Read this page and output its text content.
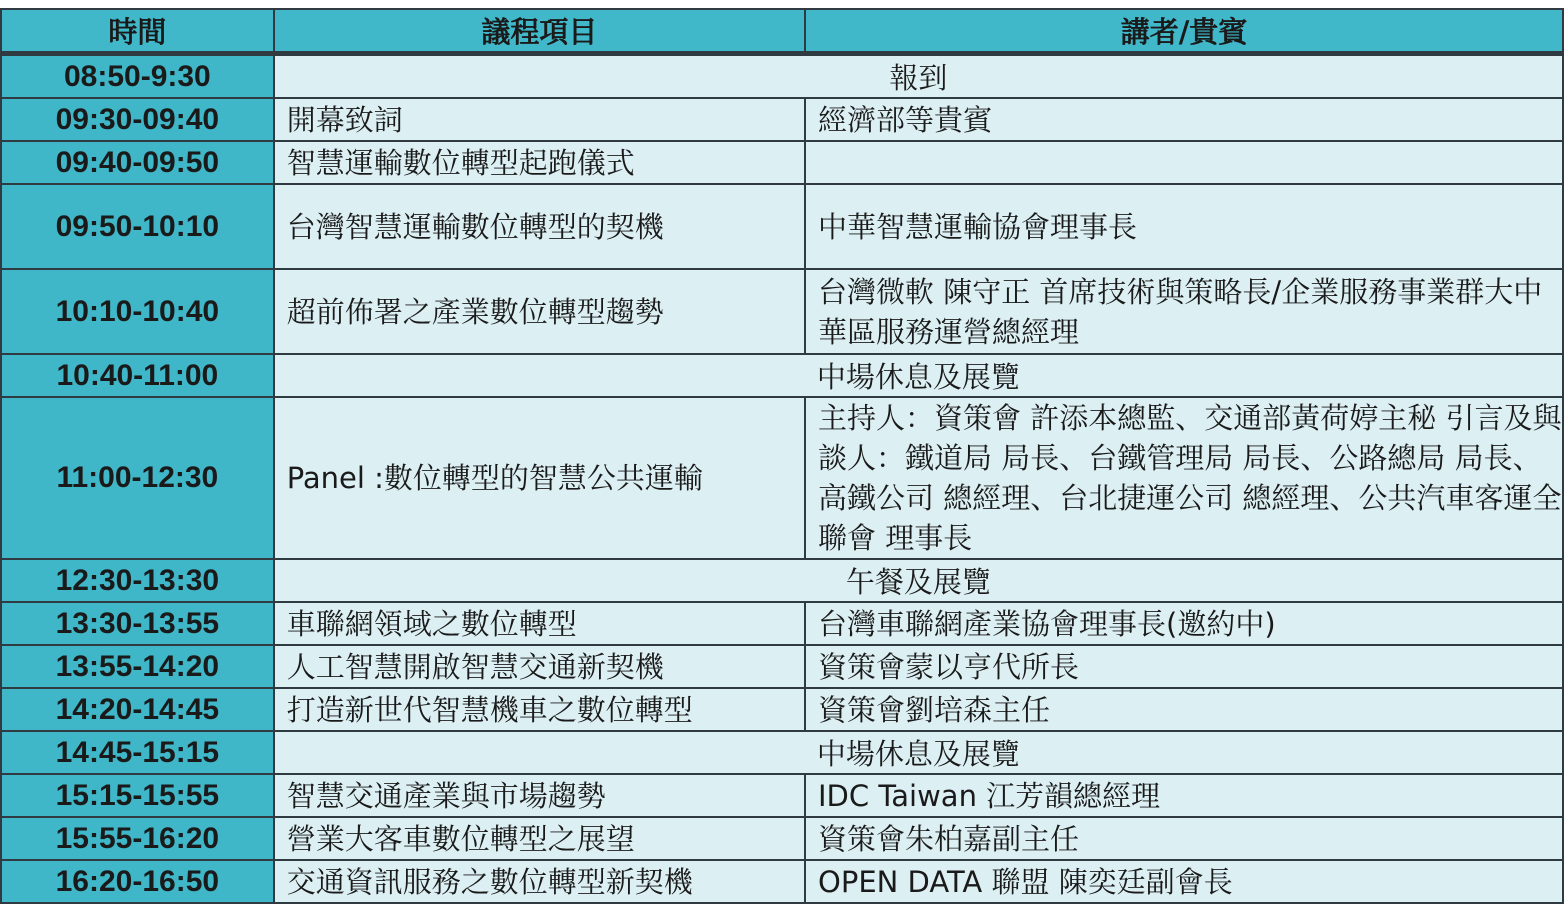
時間	議程項目	講者/貴賓
08:50-9:30	報到	
09:30-09:40	開幕致詞	經濟部等貴賓
09:40-09:50	智慧運輸數位轉型起跑儀式	
09:50-10:10	台灣智慧運輸數位轉型的契機	中華智慧運輸協會理事長
10:10-10:40	超前佈署之產業數位轉型趨勢	台灣微軟 陳守正 首席技術與策略長/企業服務事業群大中華區服務運營總經理
10:40-11:00	中場休息及展覽	
11:00-12:30	Panel :數位轉型的智慧公共運輸	主持人：資策會 許添本總監、交通部黃荷婷主秘 引言及與談人：鐵道局 局長、台鐵管理局 局長、公路總局 局長、高鐵公司 總經理、台北捷運公司 總經理、公共汽車客運全聯會 理事長
12:30-13:30	午餐及展覽	
13:30-13:55	車聯網領域之數位轉型	台灣車聯網產業協會理事長(邀約中)
13:55-14:20	人工智慧開啟智慧交通新契機	資策會蒙以亨代所長
14:20-14:45	打造新世代智慧機車之數位轉型	資策會劉培森主任
14:45-15:15	中場休息及展覽	
15:15-15:55	智慧交通產業與市場趨勢	IDC Taiwan 江芳韻總經理
15:55-16:20	營業大客車數位轉型之展望	資策會朱柏嘉副主任
16:20-16:50	交通資訊服務之數位轉型新契機	OPEN DATA 聯盟 陳奕廷副會長
